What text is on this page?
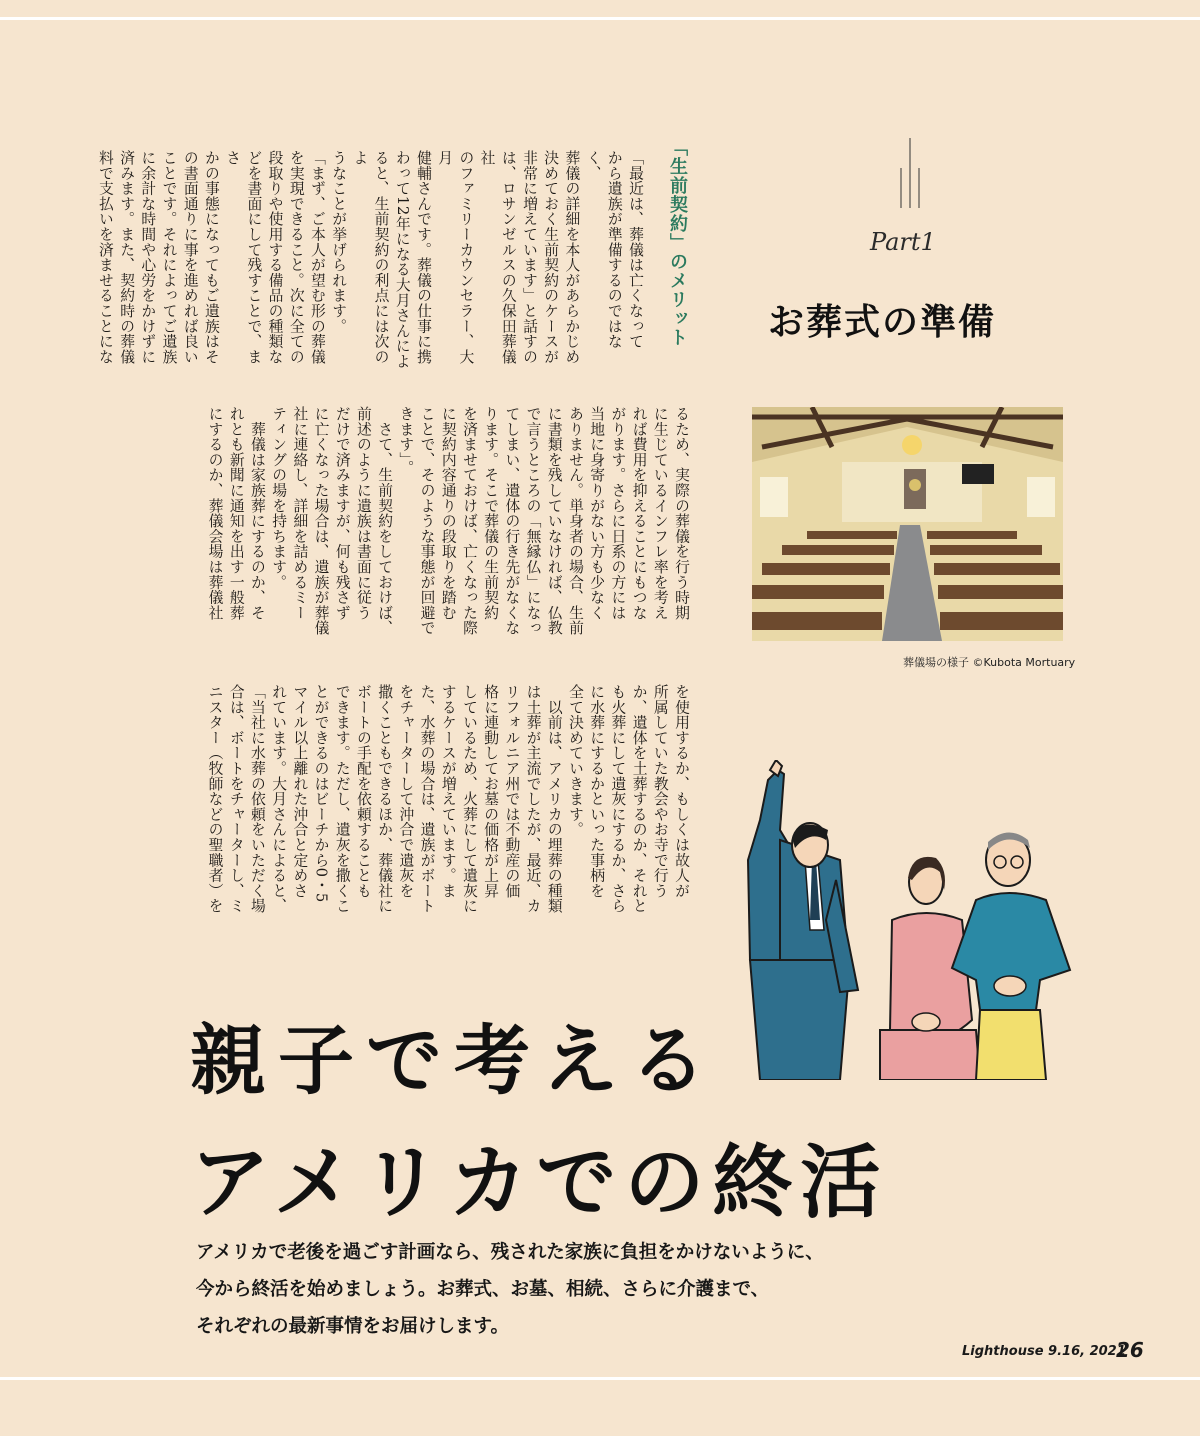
「生前契約」のメリット
「最近は、葬儀は亡くなって
から遺族が準備するのではなく、
葬儀の詳細を本人があらかじめ
決めておく生前契約のケースが
非常に増えています」と話すの
は、ロサンゼルスの久保田葬儀社
のファミリーカウンセラー、大月
健輔さんです。葬儀の仕事に携
わって12年になる大月さんによ
ると、生前契約の利点には次のよ
うなことが挙げられます。
「まず、ご本人が望む形の葬儀
を実現できること。次に全ての
段取りや使用する備品の種類な
どを書面にして残すことで、まさ
かの事態になってもご遺族はそ
の書面通りに事を進めれば良い
ことです。それによってご遺族
に余計な時間や心労をかけずに
済みます。また、契約時の葬儀
料で支払いを済ませることにな
るため、実際の葬儀を行う時期
に生じているインフレ率を考え
れば費用を抑えることにもつな
がります。さらに日系の方には
当地に身寄りがない方も少なく
ありません。単身者の場合、生前
に書類を残していなければ、仏教
で言うところの「無縁仏」になっ
てしまい、遺体の行き先がなくな
ります。そこで葬儀の生前契約
を済ませておけば、亡くなった際
に契約内容通りの段取りを踏む
ことで、そのような事態が回避で
きます」。
　さて、生前契約をしておけば、
前述のように遺族は書面に従う
だけで済みますが、何も残さず
に亡くなった場合は、遺族が葬儀
社に連絡し、詳細を詰めるミー
ティングの場を持ちます。
　葬儀は家族葬にするのか、そ
れとも新聞に通知を出す一般葬
にするのか、葬儀会場は葬儀社
を使用するか、もしくは故人が
所属していた教会やお寺で行う
か、遺体を土葬するのか、それと
も火葬にして遺灰にするか、さら
に水葬にするかといった事柄を
全て決めていきます。
　以前は、アメリカの埋葬の種類
は土葬が主流でしたが、最近、カ
リフォルニア州では不動産の価
格に連動してお墓の価格が上昇
しているため、火葬にして遺灰に
するケースが増えています。ま
た、水葬の場合は、遺族がボート
をチャーターして沖合で遺灰を
撒くこともできるほか、葬儀社に
ボートの手配を依頼することも
できます。ただし、遺灰を撒くこ
とができるのはビーチから0・5
マイル以上離れた沖合と定めさ
れています。大月さんによると、
「当社に水葬の依頼をいただく場
合は、ボートをチャーターし、ミ
ニスター（牧師などの聖職者）を
Part1
お葬式の準備
葬儀場の様子 ©Kubota Mortuary
親子で考える
アメリカでの終活
アメリカで老後を過ごす計画なら、残された家族に負担をかけないように、
今から終活を始めましょう。お葬式、お墓、相続、さらに介護まで、
それぞれの最新事情をお届けします。
Lighthouse 9.16, 2021
26
